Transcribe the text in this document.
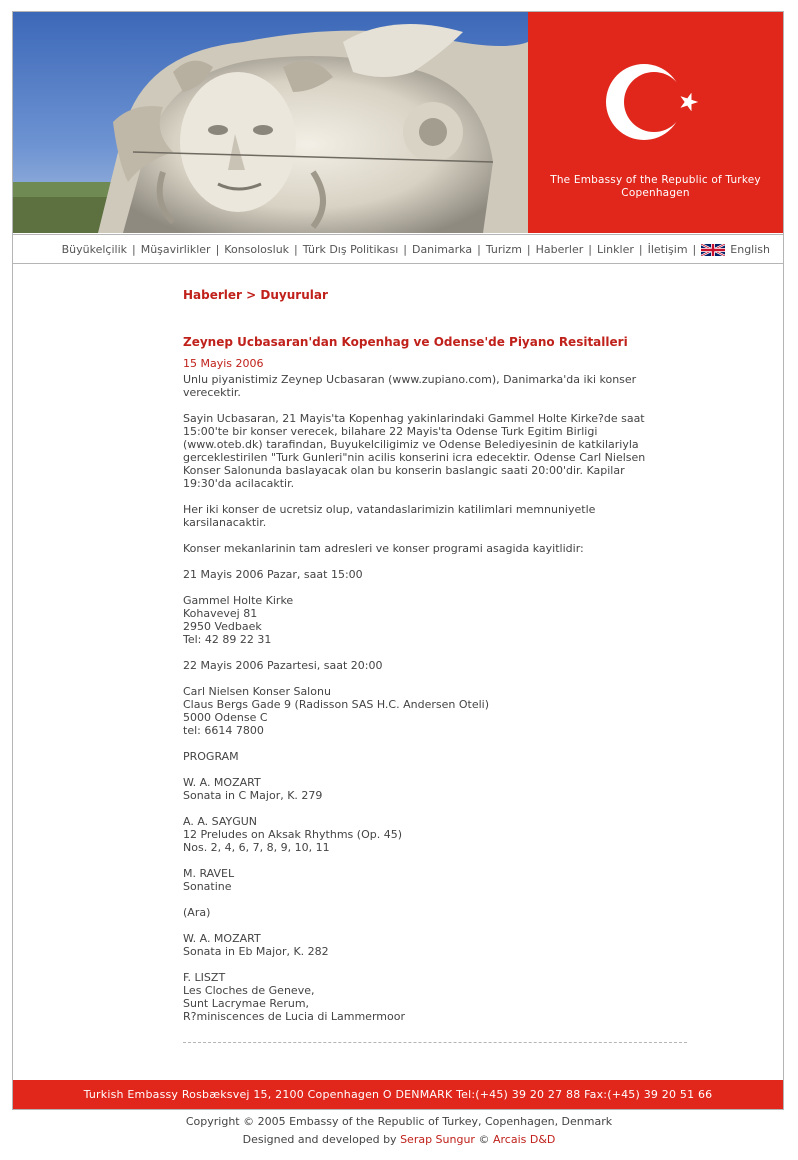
The Embassy of the Republic of Turkey
Copenhagen
Büyükelçilik | Müşavirlikler | Konsolosluk | Türk Dış Politikası | Danimarka | Turizm | Haberler | Linkler | İletişim |	English
Haberler > Duyurular
Zeynep Ucbasaran'dan Kopenhag ve Odense'de Piyano Resitalleri
15 Mayis 2006

Unlu piyanistimiz Zeynep Ucbasaran (www.zupiano.com), Danimarka'da iki konser
verecektir.

Sayin Ucbasaran, 21 Mayis'ta Kopenhag yakinlarindaki Gammel Holte Kirke?de saat
15:00'te bir konser verecek, bilahare 22 Mayis'ta Odense Turk Egitim Birligi
(www.oteb.dk) tarafindan, Buyukelciligimiz ve Odense Belediyesinin de katkilariyla
gerceklestirilen "Turk Gunleri"nin acilis konserini icra edecektir. Odense Carl Nielsen
Konser Salonunda baslayacak olan bu konserin baslangic saati 20:00'dir. Kapilar
19:30'da acilacaktir.

Her iki konser de ucretsiz olup, vatandaslarimizin katilimlari memnuniyetle
karsilanacaktir.

Konser mekanlarinin tam adresleri ve konser programi asagida kayitlidir:

21 Mayis 2006 Pazar, saat 15:00

Gammel Holte Kirke
Kohavevej 81
2950 Vedbaek
Tel: 42 89 22 31

22 Mayis 2006 Pazartesi, saat 20:00

Carl Nielsen Konser Salonu
Claus Bergs Gade 9 (Radisson SAS H.C. Andersen Oteli)
5000 Odense C
tel: 6614 7800

PROGRAM

W. A. MOZART
Sonata in C Major, K. 279

A. A. SAYGUN
12 Preludes on Aksak Rhythms (Op. 45)
Nos. 2, 4, 6, 7, 8, 9, 10, 11

M. RAVEL
Sonatine

(Ara)

W. A. MOZART
Sonata in Eb Major, K. 282

F. LISZT
Les Cloches de Geneve,
Sunt Lacrymae Rerum,
R?miniscences de Lucia di Lammermoor

Turkish Embassy Rosbæksvej 15, 2100 Copenhagen O DENMARK Tel:(+45) 39 20 27 88 Fax:(+45) 39 20 51 66
Copyright © 2005 Embassy of the Republic of Turkey, Copenhagen, Denmark
Designed and developed by Serap Sungur © Arcais D&D
